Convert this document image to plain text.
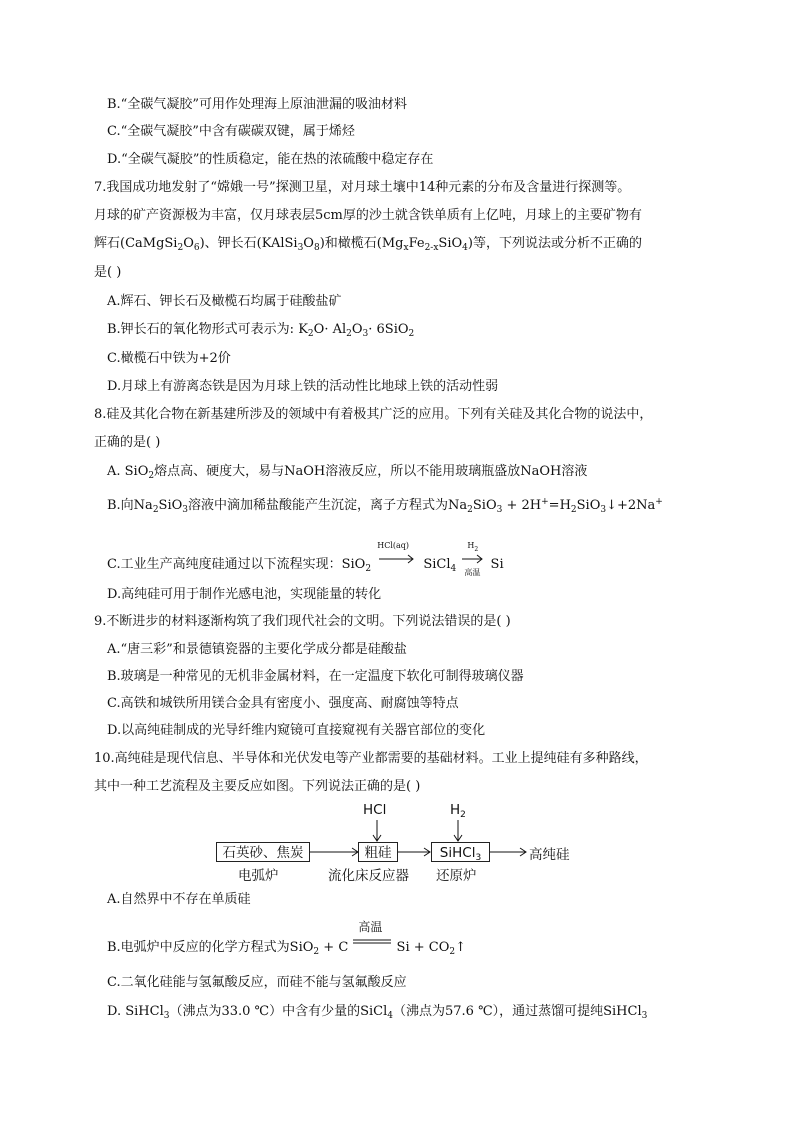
B.“全碳气凝胶”可用作处理海上原油泄漏的吸油材料
C.“全碳气凝胶”中含有碳碳双键，属于烯烃
D.“全碳气凝胶”的性质稳定，能在热的浓硫酸中稳定存在
7.我国成功地发射了“嫦娥一号”探测卫星，对月球土壤中14种元素的分布及含量进行探测等。
月球的矿产资源极为丰富，仅月球表层5cm厚的沙土就含铁单质有上亿吨，月球上的主要矿物有
辉石$(CaMgSi_2O_6)$、钾长石$(KAlSi_3O_8)$和橄榄石$(Mg_xFe_{2-x}SiO_4)$等，下列说法或分析不正确的
是( )
A.辉石、钾长石及橄榄石均属于硅酸盐矿
B.钾长石的氧化物形式可表示为: $K_2O\cdot Al_2O_3\cdot 6SiO_2$
C.橄榄石中铁为+2价
D.月球上有游离态铁是因为月球上铁的活动性比地球上铁的活动性弱
8.硅及其化合物在新基建所涉及的领域中有着极其广泛的应用。下列有关硅及其化合物的说法中，
正确的是( )
A. SiO$_2$熔点高、硬度大，易与NaOH溶液反应，所以不能用玻璃瓶盛放NaOH溶液
B.向$Na_2SiO_3$溶液中滴加稀盐酸能产生沉淀，离子方程式为$Na_2SiO_3$ + $2H^+=H_2SiO_3↓+2Na^+$
C.工业生产高纯度硅通过以下流程实现：SiO$_2$
HCl(aq)
SiCl$_4$
$H_2$
高温
Si
D.高纯硅可用于制作光感电池，实现能量的转化
9.不断进步的材料逐渐构筑了我们现代社会的文明。下列说法错误的是( )
A.“唐三彩”和景德镇瓷器的主要化学成分都是硅酸盐
B.玻璃是一种常见的无机非金属材料，在一定温度下软化可制得玻璃仪器
C.高铁和城铁所用镁合金具有密度小、强度高、耐腐蚀等特点
D.以高纯硅制成的光导纤维内窥镜可直接窥视有关器官部位的变化
10.高纯硅是现代信息、半导体和光伏发电等产业都需要的基础材料。工业上提纯硅有多种路线，
其中一种工艺流程及主要反应如图。下列说法正确的是( )
HCl	$H_2$
石英砂、焦炭	粗硅	SiHCl$_3$	高纯硅
电弧炉	流化床反应器 还原炉
A.自然界中不存在单质硅
B.电弧炉中反应的化学方程式为SiO$_2$ + C
高温
$Si + CO_2↑$
C.二氧化硅能与氢氟酸反应，而硅不能与氢氟酸反应
D. SiHCl$_3$（沸点为33.0 ℃）中含有少量的SiCl$_4$（沸点为57.6 ℃），通过蒸馏可提纯SiHCl$_3$
